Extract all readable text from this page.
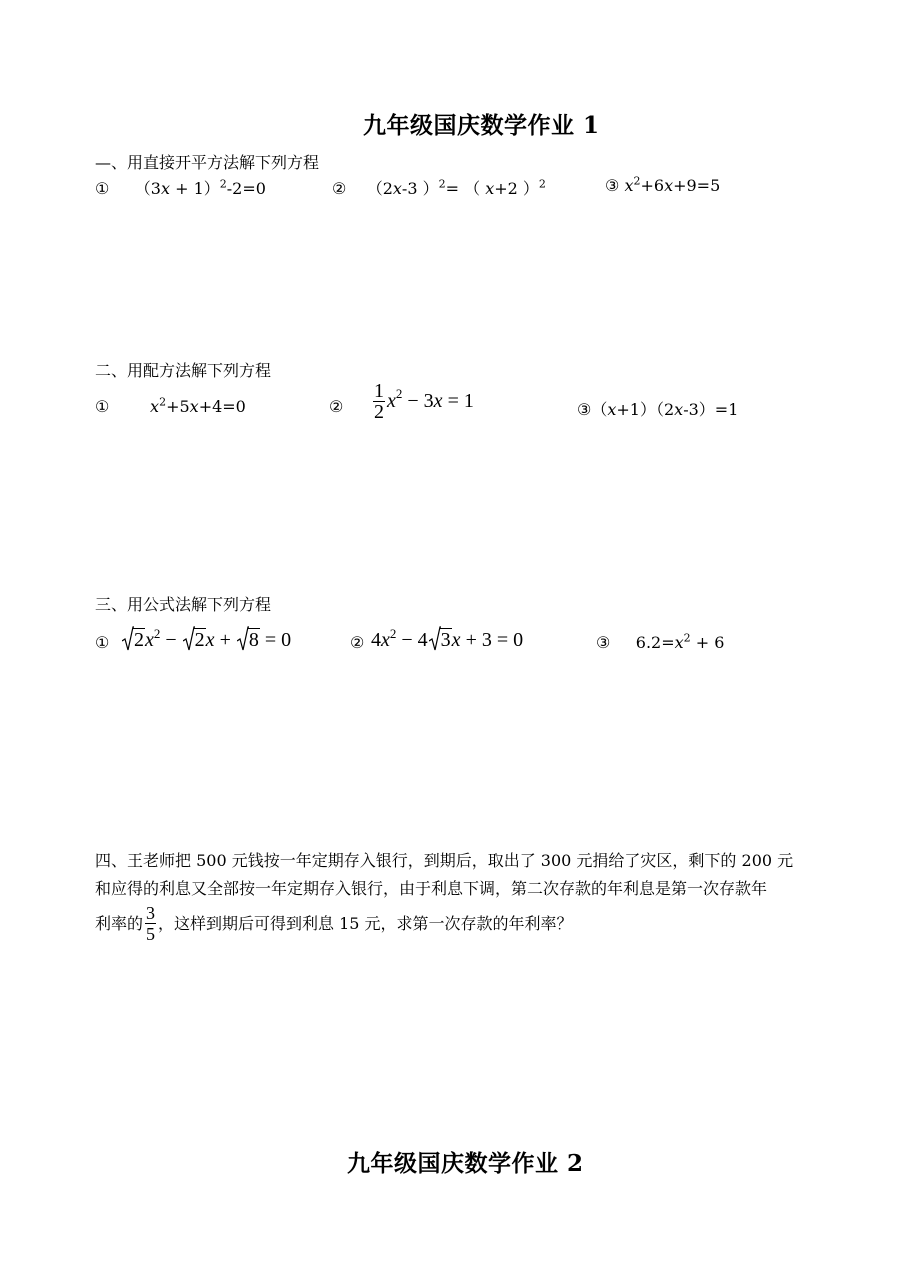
九年级国庆数学作业 1
—、用直接开平方法解下列方程
① $(3x + 1)^2-2=0$	② （2x-3 ）$^2$= （ x+2 ）$^2$	③ $x^2+6x+9=5$
二、用配方法解下列方程
①	$x^2+5x+4=0$	② $\frac{1}{2} x^2 - 3x = 1$	③（x+1）（2x-3）=1
三、用公式法解下列方程
①	$2x^2$ −
2x +
8 = 0	② $4x^2 - 4$ 3x + 3 = 0	③ $6.2=x^2 + 6$
四、王老师把 500 元钱按一年定期存入银行，到期后，取出了 300 元捐给了灾区，剩下的 200 元
和应得的利息又全部按一年定期存入银行，由于利息下调，第二次存款的年利息是第一次存款年
利率的 $\frac{3}{5}$ ，这样到期后可得到利息 15 元，求第一次存款的年利率？
九年级国庆数学作业 2
